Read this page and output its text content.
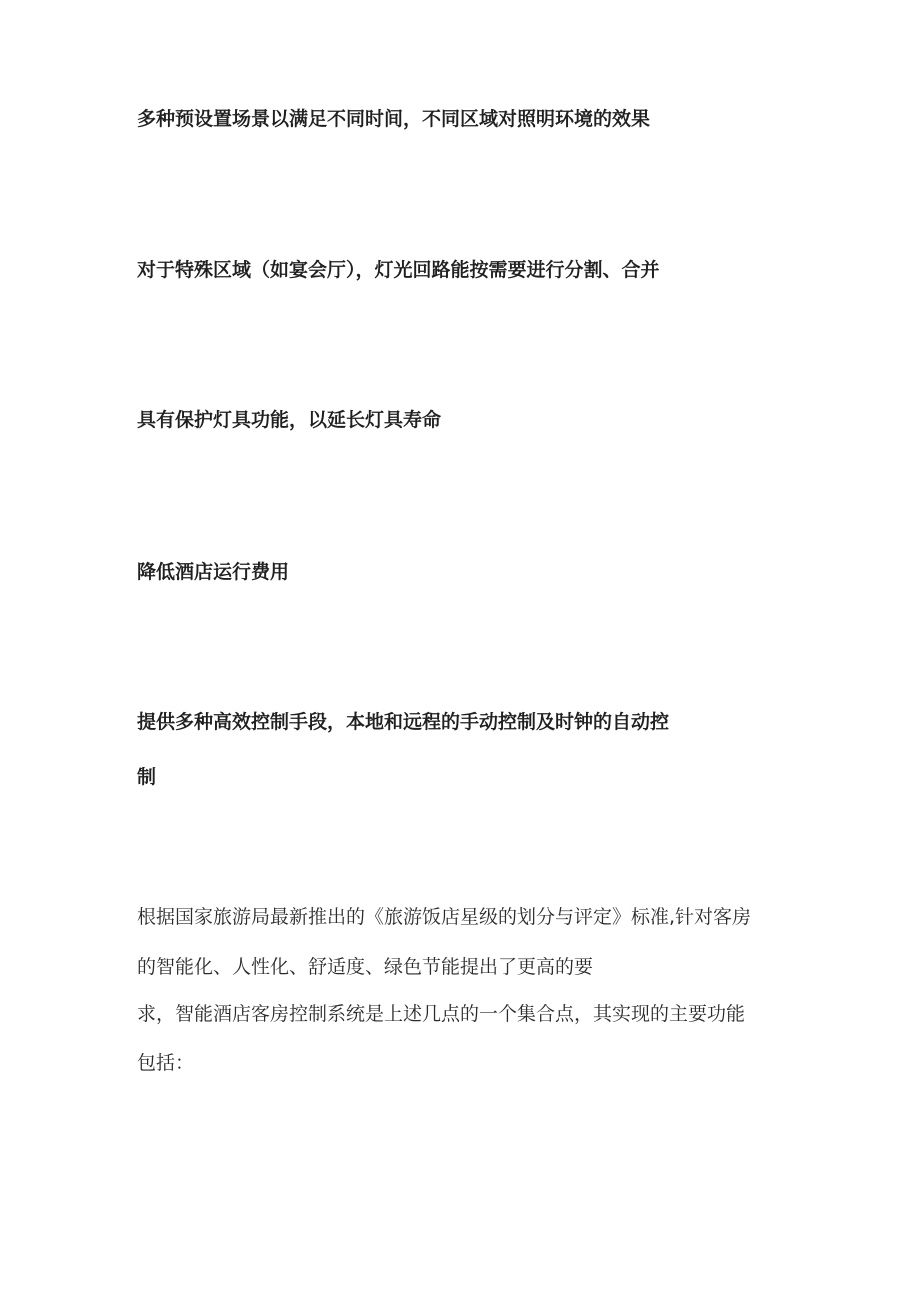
多种预设置场景以满足不同时间，不同区域对照明环境的效果

对于特殊区域（如宴会厅），灯光回路能按需要进行分割、合并

具有保护灯具功能，以延长灯具寿命

降低酒店运行费用

提供多种高效控制手段，本地和远程的手动控制及时钟的自动控

制

根据国家旅游局最新推出的《旅游饭店星级的划分与评定》标准,针对客房

的智能化、人性化、舒适度、绿色节能提出了更高的要

求，智能酒店客房控制系统是上述几点的一个集合点，其实现的主要功能

包括：
